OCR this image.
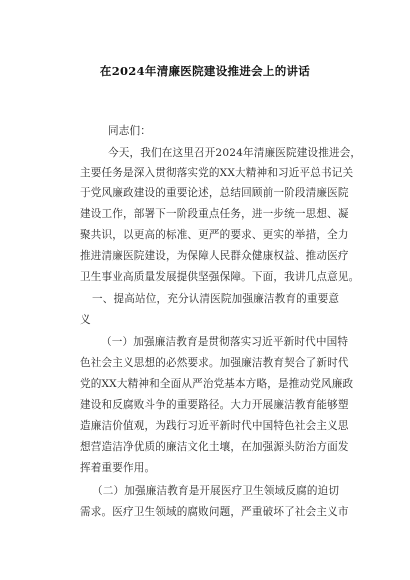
在2024年清廉医院建设推进会上的讲话
同志们：
今天，我们在这里召开2024年清廉医院建设推进会，
主要任务是深入贯彻落实党的XX大精神和习近平总书记关
于党风廉政建设的重要论述，总结回顾前一阶段清廉医院
建设工作，部署下一阶段重点任务，进一步统一思想、凝
聚共识，以更高的标准、更严的要求、更实的举措，全力
推进清廉医院建设，为保障人民群众健康权益、推动医疗
卫生事业高质量发展提供坚强保障。下面，我讲几点意见。
一、提高站位，充分认清医院加强廉洁教育的重要意
义
（一）加强廉洁教育是贯彻落实习近平新时代中国特
色社会主义思想的必然要求。加强廉洁教育契合了新时代
党的XX大精神和全面从严治党基本方略，是推动党风廉政
建设和反腐败斗争的重要路径。大力开展廉洁教育能够塑
造廉洁价值观，为践行习近平新时代中国特色社会主义思
想营造洁净优质的廉洁文化土壤，在加强源头防治方面发
挥着重要作用。
（二）加强廉洁教育是开展医疗卫生领域反腐的迫切
需求。医疗卫生领域的腐败问题，严重破坏了社会主义市
